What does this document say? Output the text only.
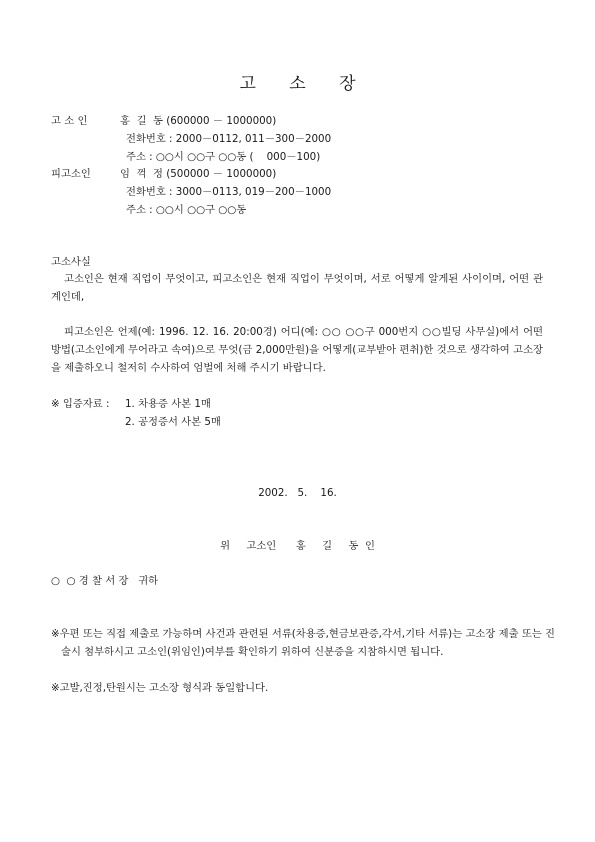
고 소 장
고 소 인	홍  길  동 (600000 － 1000000)
전화번호 : 2000－0112, 011－300－2000
주소 : ○○시 ○○구 ○○동 (    000－100)
피고소인	임  꺽  정 (500000 － 1000000)
전화번호 : 3000－0113, 019－200－1000
주소 : ○○시 ○○구 ○○동
고소사실
고소인은 현재 직업이 무엇이고, 피고소인은 현재 직업이 무엇이며, 서로 어떻게 알게된 사이이며, 어떤 관계인데,
피고소인은 언제(예: 1996. 12. 16. 20:00경) 어디(예: ○○ ○○구 000번지 ○○빌딩 사무실)에서 어떤 방법(고소인에게 무어라고 속여)으로 무엇(금 2,000만원)을 어떻게(교부받아 편취)한 것으로 생각하여 고소장을 제출하오니 철저히 수사하여 엄벌에 처해 주시기 바랍니다.
※ 입증자료 : 1. 차용증 사본 1매
2. 공정증서 사본 5매
2002.   5.    16.
위     고소인      홍     길     동  인
○  ○ 경 찰 서 장   귀하
※우편 또는 직접 제출로 가능하며 사건과 관련된 서류(차용증,현금보관증,각서,기타 서류)는 고소장 제출 또는 진술시 첨부하시고 고소인(위임인)여부를 확인하기 위하여 신분증을 지참하시면 됩니다.
※고발,진정,탄원시는 고소장 형식과 동일합니다.
